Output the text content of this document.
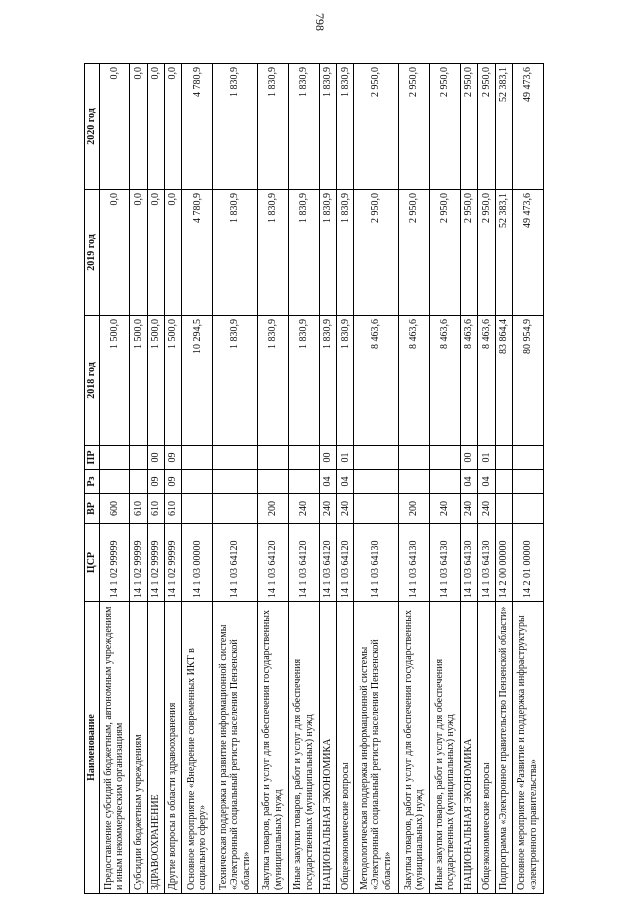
798
Наименование	ЦСР	ВР	Рз	ПР	2018 год	2019 год	2020 год
Предоставление субсидий бюджетным, автономным учреждениям и иным некоммерческим организациям	14 1 02 99999	600			1 500,0	0,0	0,0
Субсидии бюджетным учреждениям	14 1 02 99999	610			1 500,0	0,0	0,0
ЗДРАВООХРАНЕНИЕ	14 1 02 99999	610	09	00	1 500,0	0,0	0,0
Другие вопросы в области здравоохранения	14 1 02 99999	610	09	09	1 500,0	0,0	0,0
Основное мероприятие «Внедрение современных ИКТ в социальную сферу»	14 1 03 00000				10 294,5	4 780,9	4 780,9
Техническая поддержка и развитие информационной системы «Электронный социальный регистр населения Пензенской области»	14 1 03 64120				1 830,9	1 830,9	1 830,9
Закупка товаров, работ и услуг для обеспечения государственных (муниципальных) нужд	14 1 03 64120	200			1 830,9	1 830,9	1 830,9
Иные закупки товаров, работ и услуг для обеспечения государственных (муниципальных) нужд	14 1 03 64120	240			1 830,9	1 830,9	1 830,9
НАЦИОНАЛЬНАЯ ЭКОНОМИКА	14 1 03 64120	240	04	00	1 830,9	1 830,9	1 830,9
Общеэкономические вопросы	14 1 03 64120	240	04	01	1 830,9	1 830,9	1 830,9
Методологическая поддержка информационной системы «Электронный социальный регистр населения Пензенской области»	14 1 03 64130				8 463,6	2 950,0	2 950,0
Закупка товаров, работ и услуг для обеспечения государственных (муниципальных) нужд	14 1 03 64130	200			8 463,6	2 950,0	2 950,0
Иные закупки товаров, работ и услуг для обеспечения государственных (муниципальных) нужд	14 1 03 64130	240			8 463,6	2 950,0	2 950,0
НАЦИОНАЛЬНАЯ ЭКОНОМИКА	14 1 03 64130	240	04	00	8 463,6	2 950,0	2 950,0
Общеэкономические вопросы	14 1 03 64130	240	04	01	8 463,6	2 950,0	2 950,0
Подпрограмма «Электронное правительство Пензенской области»	14 2 00 00000				83 864,4	52 383,1	52 383,1
Основное мероприятие «Развитие и поддержка инфраструктуры «электронного правительства»	14 2 01 00000				80 954,9	49 473,6	49 473,6
